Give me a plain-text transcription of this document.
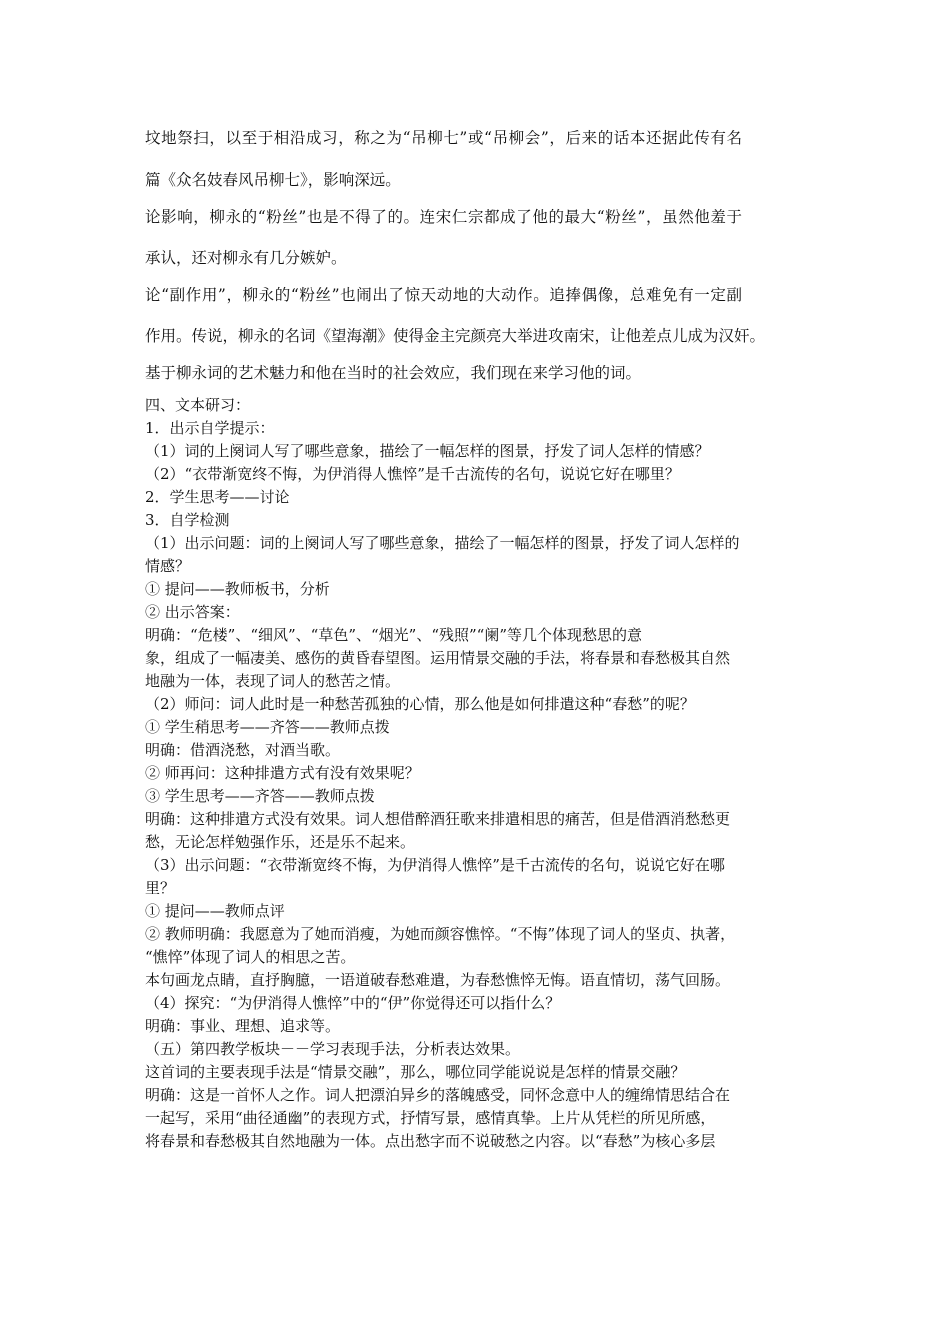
坟地祭扫，以至于相沿成习，称之为“吊柳七”或“吊柳会”，后来的话本还据此传有名

篇《众名妓春风吊柳七》，影响深远。

论影响，柳永的“粉丝”也是不得了的。连宋仁宗都成了他的最大“粉丝”，虽然他羞于

承认，还对柳永有几分嫉妒。

论“副作用”，柳永的“粉丝”也闹出了惊天动地的大动作。追捧偶像，总难免有一定副

作用。传说，柳永的名词《望海潮》使得金主完颜亮大举进攻南宋，让他差点儿成为汉奸。

基于柳永词的艺术魅力和他在当时的社会效应，我们现在来学习他的词。

四、文本研习：

1．出示自学提示：

（1）词的上阕词人写了哪些意象，描绘了一幅怎样的图景，抒发了词人怎样的情感？

（2）“衣带渐宽终不悔，为伊消得人憔悴”是千古流传的名句，说说它好在哪里？

2．学生思考——讨论

3．自学检测

（1）出示问题：词的上阕词人写了哪些意象，描绘了一幅怎样的图景，抒发了词人怎样的

情感？

① 提问——教师板书，分析

② 出示答案：

明确：“危楼”、“细风”、“草色”、“烟光”、“残照”“阑”等几个体现愁思的意

象，组成了一幅凄美、感伤的黄昏春望图。运用情景交融的手法，将春景和春愁极其自然

地融为一体，表现了词人的愁苦之情。

（2）师问：词人此时是一种愁苦孤独的心情，那么他是如何排遣这种“春愁”的呢？

① 学生稍思考——齐答——教师点拨

明确：借酒浇愁，对酒当歌。

② 师再问：这种排遣方式有没有效果呢？

③ 学生思考——齐答——教师点拨

明确：这种排遣方式没有效果。词人想借醉酒狂歌来排遣相思的痛苦，但是借酒消愁愁更

愁，无论怎样勉强作乐，还是乐不起来。

（3）出示问题：“衣带渐宽终不悔，为伊消得人憔悴”是千古流传的名句，说说它好在哪

里？

① 提问——教师点评

② 教师明确：我愿意为了她而消瘦，为她而颜容憔悴。“不悔”体现了词人的坚贞、执著，

“憔悴”体现了词人的相思之苦。

本句画龙点睛，直抒胸臆，一语道破春愁难遣，为春愁憔悴无悔。语直情切，荡气回肠。

（4）探究：“为伊消得人憔悴”中的“伊”你觉得还可以指什么？

明确：事业、理想、追求等。

（五）第四教学板块－－学习表现手法，分析表达效果。

这首词的主要表现手法是“情景交融”，那么，哪位同学能说说是怎样的情景交融？

明确：这是一首怀人之作。词人把漂泊异乡的落魄感受，同怀念意中人的缠绵情思结合在

一起写，采用“曲径通幽”的表现方式，抒情写景，感情真挚。上片从凭栏的所见所感，

将春景和春愁极其自然地融为一体。点出愁字而不说破愁之内容。以“春愁”为核心多层
